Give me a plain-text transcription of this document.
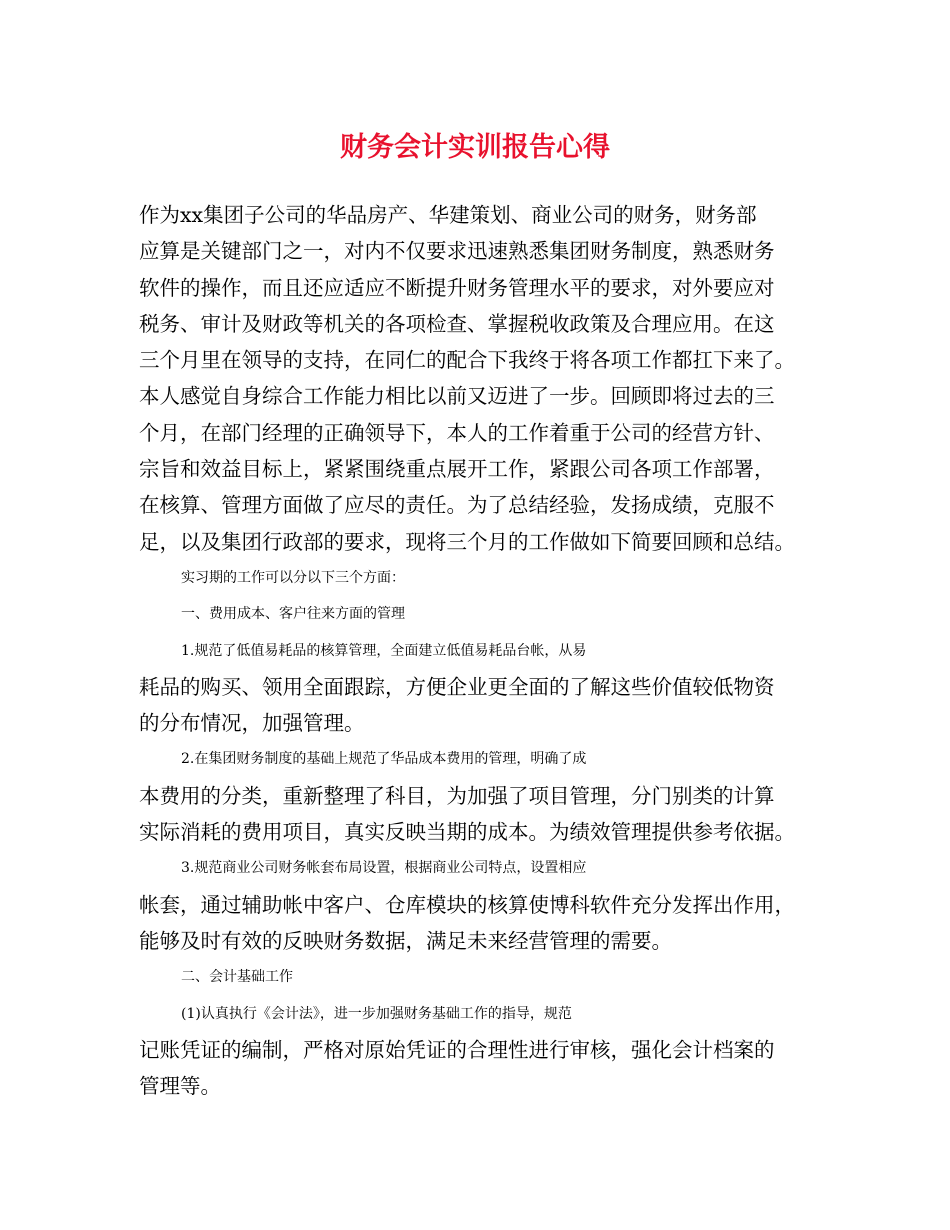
财务会计实训报告心得
作为xx集团子公司的华品房产、华建策划、商业公司的财务，财务部
应算是关键部门之一，对内不仅要求迅速熟悉集团财务制度，熟悉财务
软件的操作，而且还应适应不断提升财务管理水平的要求，对外要应对
税务、审计及财政等机关的各项检查、掌握税收政策及合理应用。在这
三个月里在领导的支持，在同仁的配合下我终于将各项工作都扛下来了。
本人感觉自身综合工作能力相比以前又迈进了一步。回顾即将过去的三
个月，在部门经理的正确领导下，本人的工作着重于公司的经营方针、
宗旨和效益目标上，紧紧围绕重点展开工作，紧跟公司各项工作部署，
在核算、管理方面做了应尽的责任。为了总结经验，发扬成绩，克服不
足，以及集团行政部的要求，现将三个月的工作做如下简要回顾和总结。
实习期的工作可以分以下三个方面：
一、费用成本、客户往来方面的管理
1.规范了低值易耗品的核算管理，全面建立低值易耗品台帐，从易
耗品的购买、领用全面跟踪，方便企业更全面的了解这些价值较低物资
的分布情况，加强管理。
2.在集团财务制度的基础上规范了华品成本费用的管理，明确了成
本费用的分类，重新整理了科目，为加强了项目管理，分门别类的计算
实际消耗的费用项目，真实反映当期的成本。为绩效管理提供参考依据。
3.规范商业公司财务帐套布局设置，根据商业公司特点，设置相应
帐套，通过辅助帐中客户、仓库模块的核算使博科软件充分发挥出作用，
能够及时有效的反映财务数据，满足未来经营管理的需要。
二、会计基础工作
(1)认真执行《会计法》，进一步加强财务基础工作的指导，规范
记账凭证的编制，严格对原始凭证的合理性进行审核，强化会计档案的
管理等。
